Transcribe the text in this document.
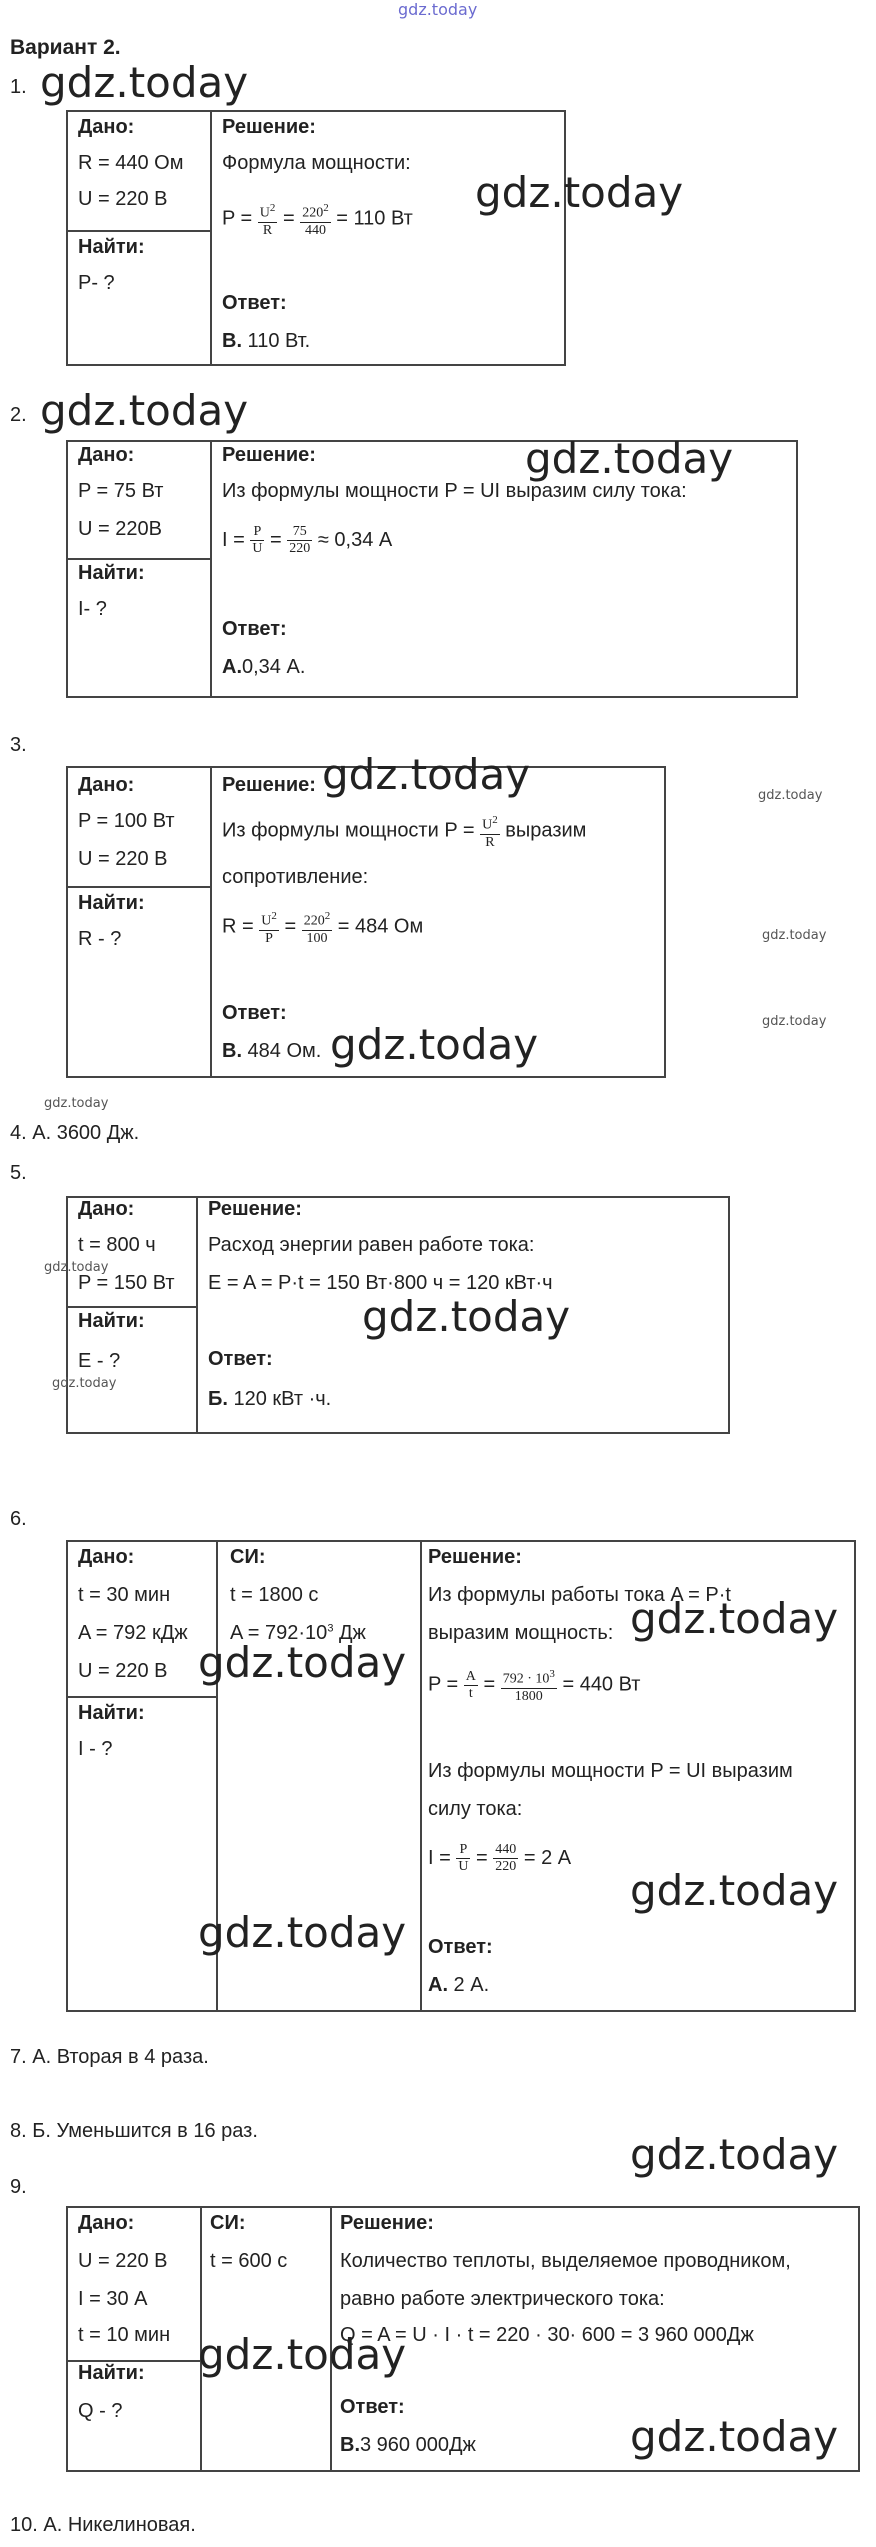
gdz.today
Вариант 2.
1. gdz.today
Дано:
R = 440 Ом
U = 220 В
Найти:
P- ?
Решение:
Формула мощности:
$P = \frac{U^2}{R} = \frac{220^2}{440} = 110$ Вт
Ответ:
В. 110 Вт.
gdz.today
2. gdz.today
Дано:
P = 75 Вт
U = 220В
Найти:
I- ?
Решение:
Из формулы мощности P = UI выразим силу тока:
$I = \frac{P}{U} = \frac{75}{220} \approx 0,34$ А
Ответ:
А.0,34 А.
gdz.today
3.
Дано:
P = 100 Вт
U = 220 В
Найти:
R - ?
Решение:
Из формулы мощности $P = \frac{U^2}{R}$ выразим
сопротивление:
$R = \frac{U^2}{P} = \frac{220^2}{100} = 484$ Ом
Ответ:
В. 484 Ом.
gdz.today
gdz.today
gdz.today
gdz.today
gdz.today
gdz.today
4. А. 3600 Дж.
5.
Дано:
t = 800 ч
P = 150 Вт
Найти:
E - ?
Решение:
Расход энергии равен работе тока:
E = A = P·t = 150 Вт·800 ч = 120 кВт·ч
Ответ:
Б. 120 кВт ·ч.
gdz.today
gdz.today
gdz.today
6.
Дано:
t = 30 мин
A = 792 кДж
U = 220 В
Найти:
I - ?
СИ:
t = 1800 с
$A = 792\cdot 10^3$ Дж
Решение:
Из формулы работы тока A = P·t
выразим мощность:
$P = \frac{A}{t} = \frac{792 \cdot 10^3}{1800} = 440$ Вт
Из формулы мощности P = UI выразим
силу тока:
$I = \frac{P}{U} = \frac{440}{220} = 2$ А
Ответ:
А. 2 А.
gdz.today
gdz.today
gdz.today
gdz.today
7. А. Вторая в 4 раза.
8. Б. Уменьшится в 16 раз.	gdz.today
9.
Дано:
U = 220 В
I = 30 А
t = 10 мин
Найти:
Q - ?
СИ:
t = 600 с
Решение:
Количество теплоты, выделяемое проводником,
равно работе электрического тока:
Q = A = U · I · t = 220 · 30· 600 = 3 960 000Дж
Ответ:
В.3 960 000Дж
gdz.today
gdz.today
10. А. Никелиновая.
